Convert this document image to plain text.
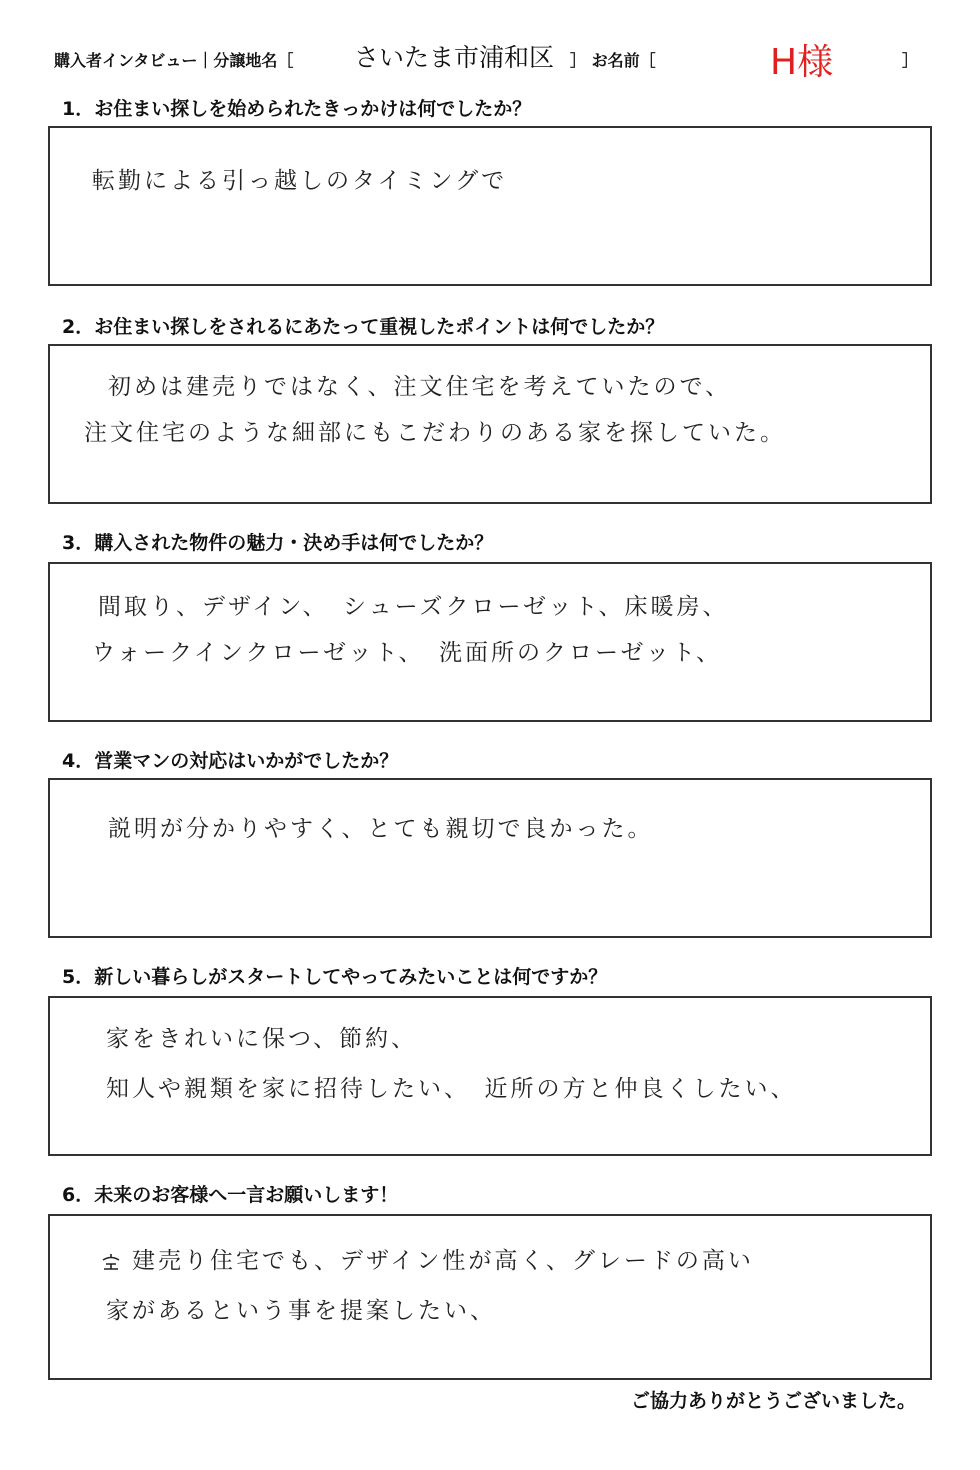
購入者インタビュー｜分譲地名［ さいたま市浦和区 ］ お名前［	H様	］
1．お住まい探しを始められたきっかけは何でしたか？
転勤による引っ越しのタイミングで
2．お住まい探しをされるにあたって重視したポイントは何でしたか？
初めは建売りではなく、注文住宅を考えていたので、
注文住宅のような細部にもこだわりのある家を探していた。
3．購入された物件の魅力・決め手は何でしたか？
間取り、デザイン、　シューズクローゼット、床暖房、
ウォークインクローゼット、　洗面所のクローゼット、
4．営業マンの対応はいかがでしたか？
説明が分かりやすく、とても親切で良かった。
5．新しい暮らしがスタートしてやってみたいことは何ですか？
家をきれいに保つ、節約、
知人や親類を家に招待したい、　近所の方と仲良くしたい、
6．未来のお客様へ一言お願いします！
建売り住宅でも、デザイン性が高く、グレードの高い
家があるという事を提案したい、
ご協力ありがとうございました。
